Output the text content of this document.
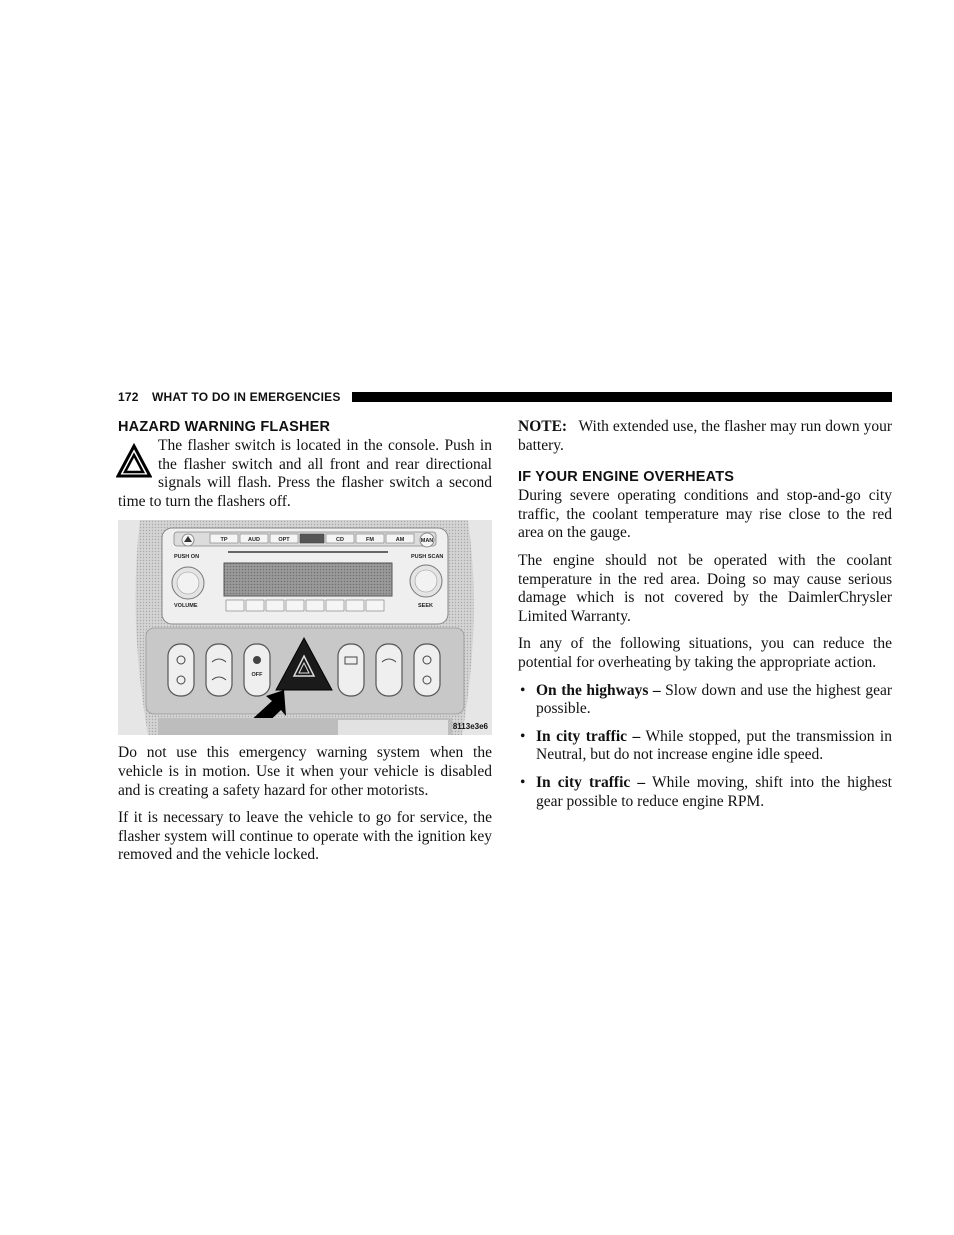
172 WHAT TO DO IN EMERGENCIES
HAZARD WARNING FLASHER

The flasher switch is located in the console. Push in the flasher switch and all front and rear directional signals will flash. Press the flasher switch a second time to turn the flashers off.

TP	AUD	OPT	CD	FM	AM	MAN
PUSH ON	PUSH SCAN
VOLUME	SEEK
OFF
8113e3e6

Do not use this emergency warning system when the vehicle is in motion. Use it when your vehicle is disabled and is creating a safety hazard for other motorists.

If it is necessary to leave the vehicle to go for service, the flasher system will continue to operate with the ignition key removed and the vehicle locked.

NOTE: With extended use, the flasher may run down your battery.

IF YOUR ENGINE OVERHEATS

During severe operating conditions and stop-and-go city traffic, the coolant temperature may rise close to the red area on the gauge.

The engine should not be operated with the coolant temperature in the red area. Doing so may cause serious damage which is not covered by the DaimlerChrysler Limited Warranty.

In any of the following situations, you can reduce the potential for overheating by taking the appropriate action.

• On the highways – Slow down and use the highest gear possible.
• In city traffic – While stopped, put the transmission in Neutral, but do not increase engine idle speed.
• In city traffic – While moving, shift into the highest gear possible to reduce engine RPM.
